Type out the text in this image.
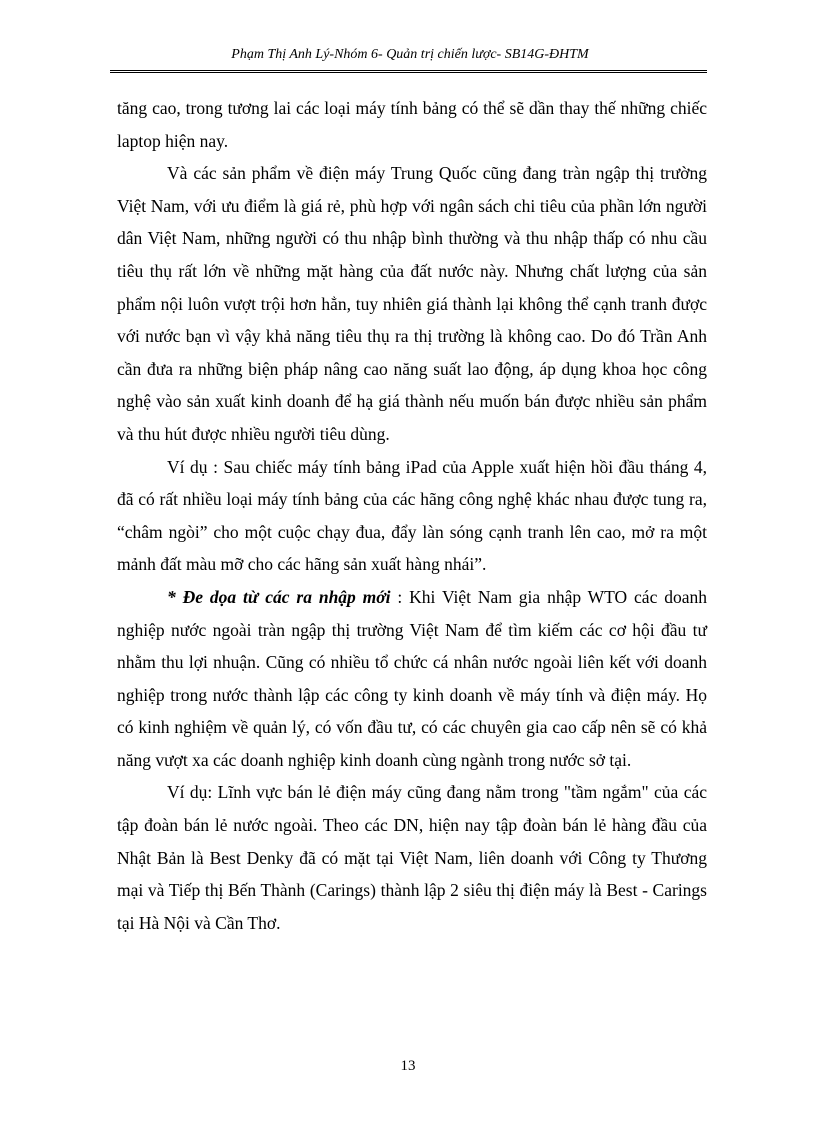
Phạm Thị Anh Lý-Nhóm 6- Quản trị chiến lược- SB14G-ĐHTM

tăng cao, trong tương lai các loại máy tính bảng có thể sẽ dần thay thế những chiếc laptop hiện nay.

Và các sản phẩm về điện máy Trung Quốc cũng đang tràn ngập thị trường Việt Nam, với ưu điểm là giá rẻ, phù hợp với ngân sách chi tiêu của phần lớn người dân Việt Nam, những người có thu nhập bình thường và thu nhập thấp có nhu cầu tiêu thụ rất lớn về những mặt hàng của đất nước này. Nhưng chất lượng của sản phẩm nội luôn vượt trội hơn hẳn, tuy nhiên giá thành lại không thể cạnh tranh được với nước bạn vì vậy khả năng tiêu thụ ra thị trường là không cao. Do đó Trần Anh cần đưa ra những biện pháp nâng cao năng suất lao động, áp dụng khoa học công nghệ vào sản xuất kinh doanh để hạ giá thành nếu muốn bán được nhiều sản phẩm và thu hút được nhiều người tiêu dùng.

Ví dụ : Sau chiếc máy tính bảng iPad của Apple xuất hiện hồi đầu tháng 4, đã có rất nhiều loại máy tính bảng của các hãng công nghệ khác nhau được tung ra, “châm ngòi” cho một cuộc chạy đua, đẩy làn sóng cạnh tranh lên cao, mở ra một mảnh đất màu mỡ cho các hãng sản xuất hàng nhái”.

* Đe dọa từ các ra nhập mới : Khi Việt Nam gia nhập WTO các doanh nghiệp nước ngoài tràn ngập thị trường Việt Nam để tìm kiếm các cơ hội đầu tư nhằm thu lợi nhuận. Cũng có nhiều tổ chức cá nhân nước ngoài liên kết với doanh nghiệp trong nước thành lập các công ty kinh doanh về máy tính và điện máy. Họ có kinh nghiệm về quản lý, có vốn đầu tư, có các chuyên gia cao cấp nên sẽ có khả năng vượt xa các doanh nghiệp kinh doanh cùng ngành trong nước sở tại.

Ví dụ: Lĩnh vực bán lẻ điện máy cũng đang nằm trong "tầm ngắm" của các tập đoàn bán lẻ nước ngoài. Theo các DN, hiện nay tập đoàn bán lẻ hàng đầu của Nhật Bản là Best Denky đã có mặt tại Việt Nam, liên doanh với Công ty Thương mại và Tiếp thị Bến Thành (Carings) thành lập 2 siêu thị điện máy là Best - Carings tại Hà Nội và Cần Thơ.

13
